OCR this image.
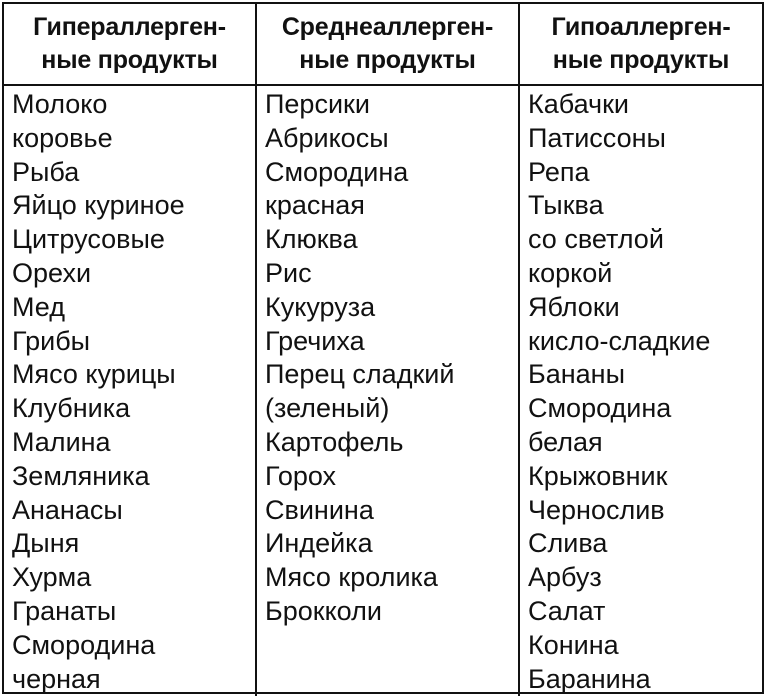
Гипераллерген-
ные продукты
Среднеаллерген-
ные продукты
Гипоаллерген-
ные продукты
Молоко
коровье
Рыба
Яйцо куриное
Цитрусовые
Орехи
Мед
Грибы
Мясо курицы
Клубника
Малина
Земляника
Ананасы
Дыня
Хурма
Гранаты
Смородина
черная
Персики
Абрикосы
Смородина
красная
Клюква
Рис
Кукуруза
Гречиха
Перец сладкий
(зеленый)
Картофель
Горох
Свинина
Индейка
Мясо кролика
Брокколи
Кабачки
Патиссоны
Репа
Тыква
со светлой
коркой
Яблоки
кисло-сладкие
Бананы
Смородина
белая
Крыжовник
Чернослив
Слива
Арбуз
Салат
Конина
Баранина
